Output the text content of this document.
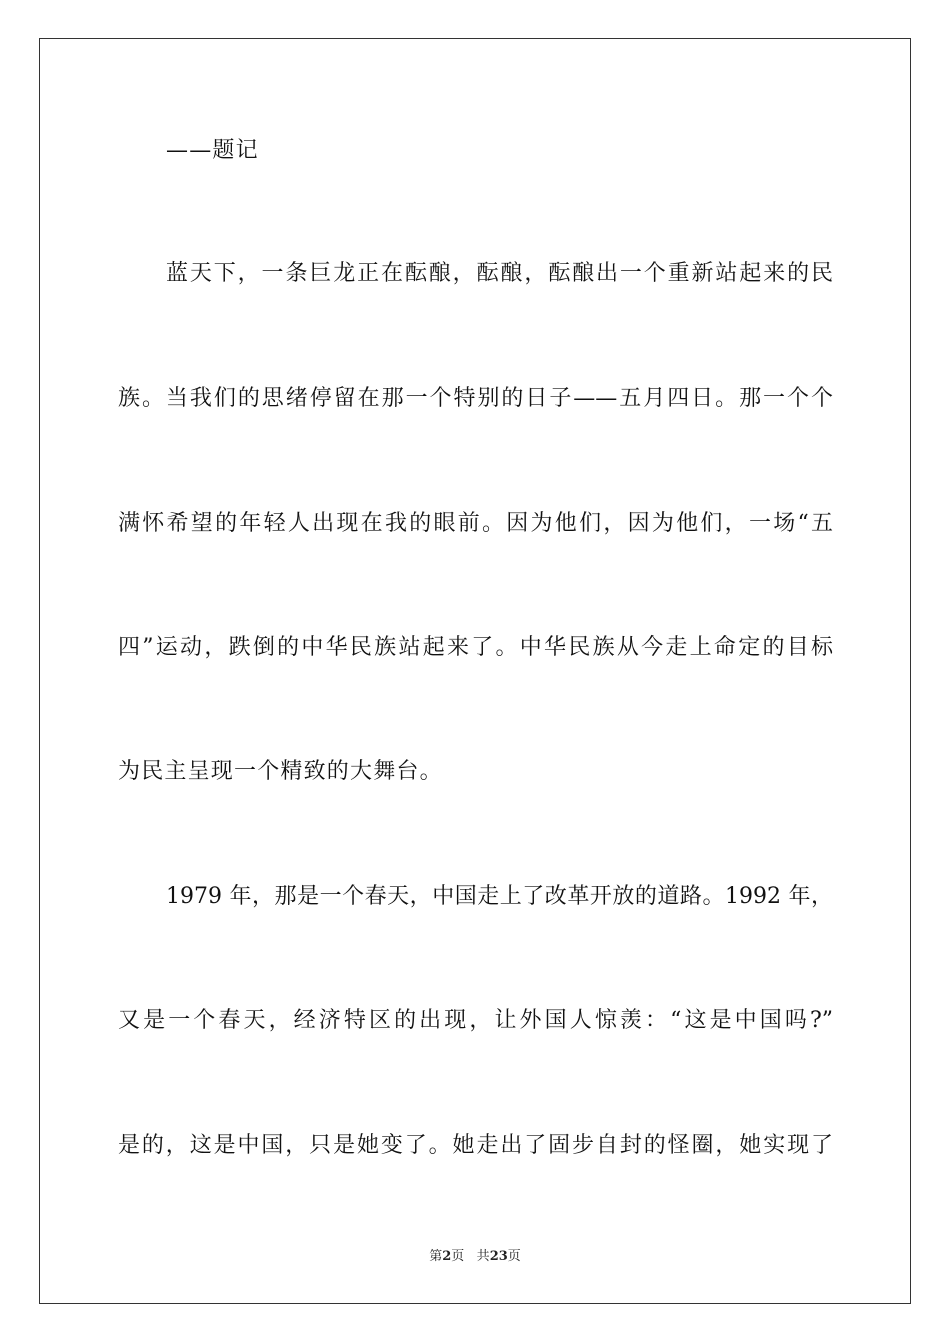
——题记
蓝天下，一条巨龙正在酝酿，酝酿，酝酿出一个重新站起来的民
族。当我们的思绪停留在那一个特别的日子——五月四日。那一个个
满怀希望的年轻人出现在我的眼前。因为他们，因为他们，一场“五
四”运动，跌倒的中华民族站起来了。中华民族从今走上命定的目标
为民主呈现一个精致的大舞台。
1979 年，那是一个春天，中国走上了改革开放的道路。1992 年，
又是一个春天，经济特区的出现，让外国人惊羡：“这是中国吗?”
是的，这是中国，只是她变了。她走出了固步自封的怪圈，她实现了
第2页 共23页
